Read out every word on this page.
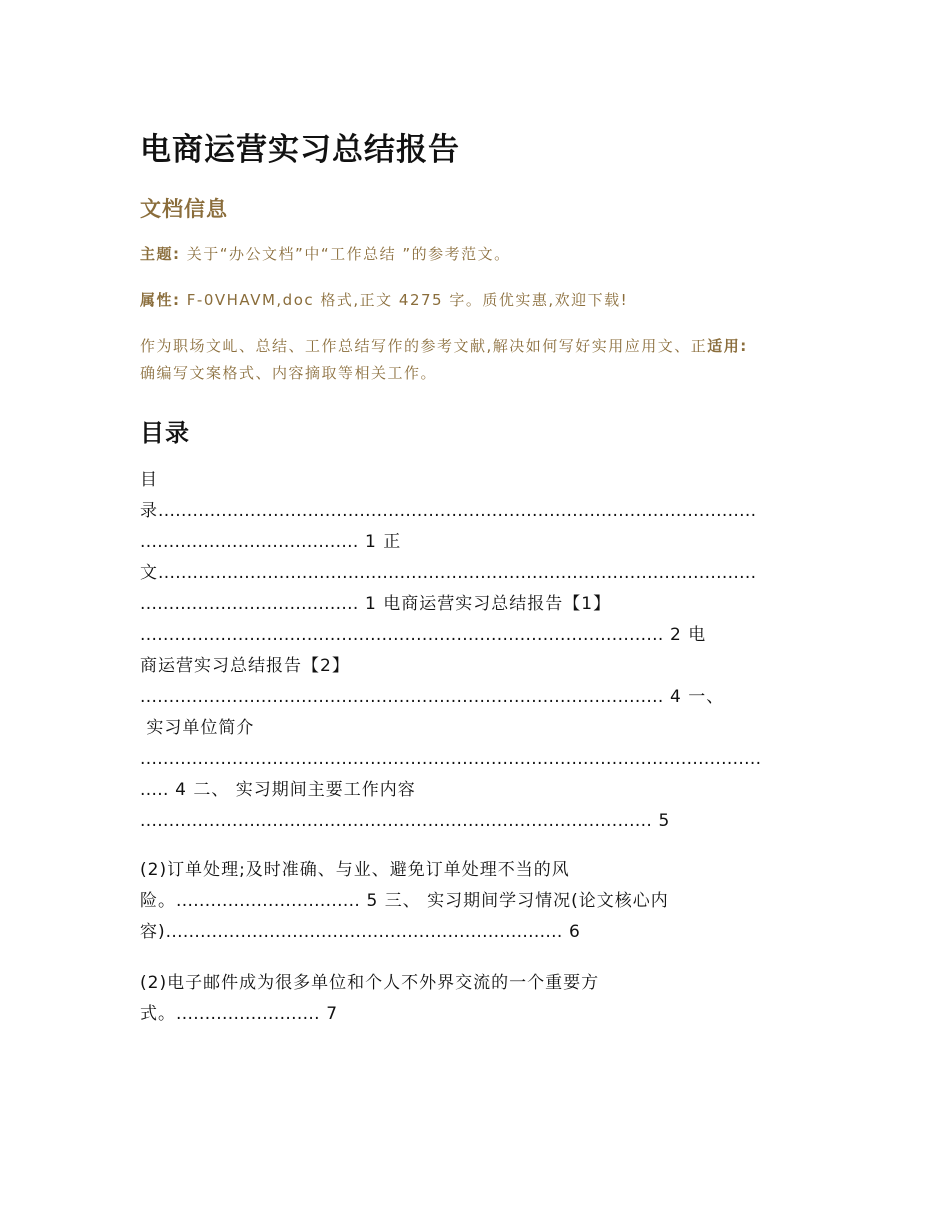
电商运营实习总结报告
文档信息

主题: 关于“办公文档”中“工作总结 ”的参考范文。

属性: F-0VHAVM,doc 格式,正文 4275 字。质优实惠,欢迎下载!

作为职场文乢、总结、工作总结写作的参考文献,解决如何写好实用应用文、正适用:
确编写文案格式、内容摘取等相关工作。

目录
目
录........................................................................................................
...................................... 1 正
文........................................................................................................
...................................... 1 电商运营实习总结报告【1】
........................................................................................... 2 电
商运营实习总结报告【2】
........................................................................................... 4 一、
实习单位简介
............................................................................................................
..... 4 二、 实习期间主要工作内容
......................................................................................... 5
(2)订单处理;及时准确、与业、避免订单处理不当的风
险。................................ 5 三、 实习期间学习情况(论文核心内
容)..................................................................... 6
(2)电子邮件成为很多单位和个人不外界交流的一个重要方
式。......................... 7
